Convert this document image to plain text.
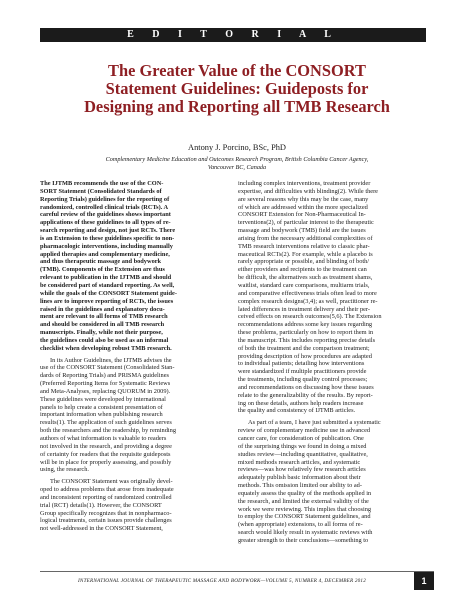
E D I T O R I A L
The Greater Value of the CONSORT
Statement Guidelines: Guideposts for
Designing and Reporting all TMB Research
Antony J. Porcino, BSc, PhD
Complementary Medicine Education and Outcomes Research Program, British Columbia Cancer Agency,
Vancouver BC, Canada
The IJTMB recommends the use of the CON-
SORT Statement (Consolidated Standards of
Reporting Trials) guidelines for the reporting of
randomized, controlled clinical trials (RCTs). A
careful review of the guidelines shows important
applications of these guidelines to all types of re-
search reporting and design, not just RCTs. There
is an Extension to these guidelines specific to non-
pharmacologic interventions, including manually
applied therapies and complementary medicine,
and thus therapeutic massage and bodywork
(TMB). Components of the Extension are thus
relevant to publication in the IJTMB and should
be considered part of standard reporting. As well,
while the goals of the CONSORT Statement guide-
lines are to improve reporting of RCTs, the issues
raised in the guidelines and explanatory docu-
ment are relevant to all forms of TMB research
and should be considered in all TMB research
manuscripts. Finally, while not their purpose,
the guidelines could also be used as an informal
checklist when developing robust TMB research.
In its Author Guidelines, the IJTMB advises the
use of the CONSORT Statement (Consolidated Stan-
dards of Reporting Trials) and PRISMA guidelines
(Preferred Reporting Items for Systematic Reviews
and Meta-Analyses, replacing QUORUM in 2009).
These guidelines were developed by international
panels to help create a consistent presentation of
important information when publishing research
results(1). The application of such guidelines serves
both the researchers and the readership, by reminding
authors of what information is valuable to readers
not involved in the research, and providing a degree
of certainty for readers that the requisite guideposts
will be in place for properly assessing, and possibly
using, the research.
The CONSORT Statement was originally devel-
oped to address problems that arose from inadequate
and inconsistent reporting of randomized controlled
trial (RCT) details(1). However, the CONSORT
Group specifically recognizes that in nonpharmaco-
logical treatments, certain issues provide challenges
not well-addressed in the CONSORT Statement,
including complex interventions, treatment provider
expertise, and difficulties with blinding(2). While there
are several reasons why this may be the case, many
of which are addressed within the more specialized
CONSORT Extension for Non-Pharmaceutical In-
terventions(2), of particular interest to the therapeutic
massage and bodywork (TMB) field are the issues
arising from the necessary additional complexities of
TMB research interventions relative to classic phar-
maceutical RCTs(2). For example, while a placebo is
rarely appropriate or possible, and blinding of both/
either providers and recipients to the treatment can
be difficult, the alternatives such as treatment shams,
waitlist, standard care comparisons, multiarm trials,
and comparative effectiveness trials often lead to more
complex research designs(3,4); as well, practitioner re-
lated differences in treatment delivery and their per-
ceived effects on research outcomes(5,6). The Extension
recommendations address some key issues regarding
these problems, particularly on how to report them in
the manuscript. This includes reporting precise details
of both the treatment and the comparison treatment;
providing description of how procedures are adapted
to individual patients; detailing how interventions
were standardized if multiple practitioners provide
the treatments, including quality control processes;
and recommendations on discussing how these issues
relate to the generalizability of the results. By report-
ing on these details, authors help readers increase
the quality and consistency of IJTMB articles.
As part of a team, I have just submitted a systematic
review of complementary medicine use in advanced
cancer care, for consideration of publication. One
of the surprising things we found in doing a mixed
studies review—including quantitative, qualitative,
mixed methods research articles, and systematic
reviews—was how relatively few research articles
adequately publish basic information about their
methods. This omission limited our ability to ad-
equately assess the quality of the methods applied in
the research, and limited the external validity of the
work we were reviewing. This implies that choosing
to employ the CONSORT Statement guidelines, and
(when appropriate) extensions, to all forms of re-
search would likely result in systematic reviews with
greater strength to their conclusions—something to
INTERNATIONAL JOURNAL OF THERAPEUTIC MASSAGE AND BODYWORK—VOLUME 5, NUMBER 4, DECEMBER 2012	1
